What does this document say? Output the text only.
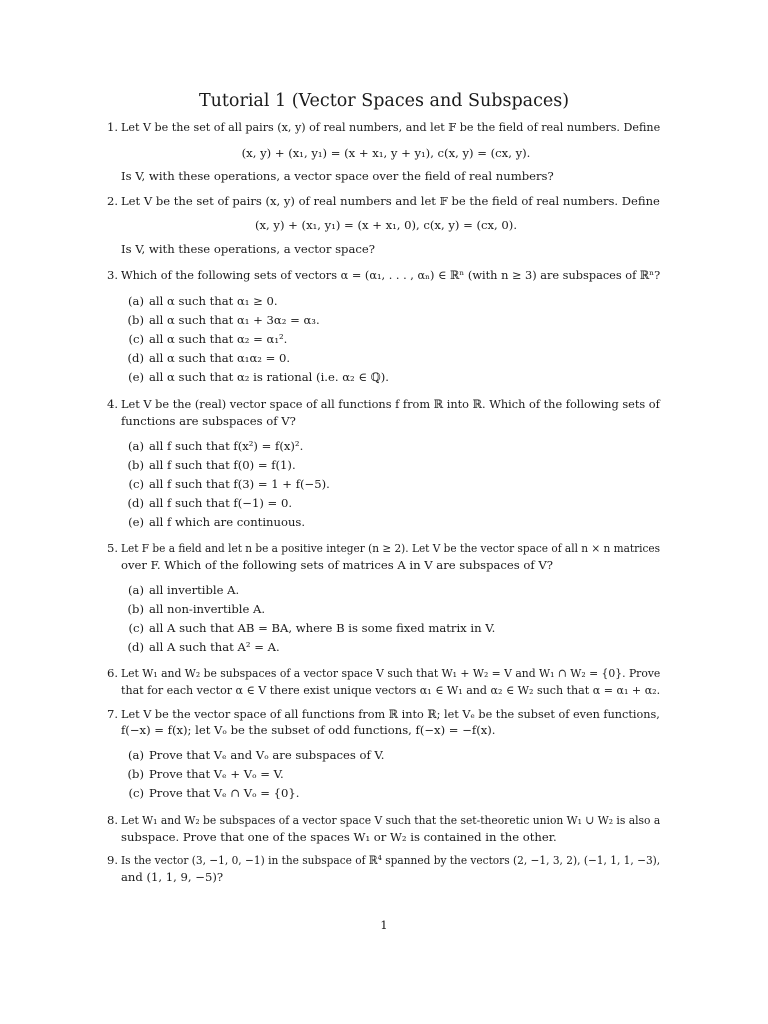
Tutorial 1 (Vector Spaces and Subspaces)
1. Let V be the set of all pairs (x, y) of real numbers, and let 𝔽 be the field of real numbers. Define
(x, y) + (x₁, y₁) = (x + x₁, y + y₁), c(x, y) = (cx, y).
Is V, with these operations, a vector space over the field of real numbers?
2. Let V be the set of pairs (x, y) of real numbers and let 𝔽 be the field of real numbers. Define
(x, y) + (x₁, y₁) = (x + x₁, 0), c(x, y) = (cx, 0).
Is V, with these operations, a vector space?
3. Which of the following sets of vectors α = (α₁, . . . , αₙ) ∈ ℝⁿ (with n ≥ 3) are subspaces of ℝⁿ?
(a) all α such that α₁ ≥ 0.
(b) all α such that α₁ + 3α₂ = α₃.
(c) all α such that α₂ = α₁².
(d) all α such that α₁α₂ = 0.
(e) all α such that α₂ is rational (i.e. α₂ ∈ ℚ).
4. Let V be the (real) vector space of all functions f from ℝ into ℝ. Which of the following sets of
functions are subspaces of V?
(a) all f such that f(x²) = f(x)².
(b) all f such that f(0) = f(1).
(c) all f such that f(3) = 1 + f(−5).
(d) all f such that f(−1) = 0.
(e) all f which are continuous.
5. Let F be a field and let n be a positive integer (n ≥ 2). Let V be the vector space of all n × n matrices
over F. Which of the following sets of matrices A in V are subspaces of V?
(a) all invertible A.
(b) all non-invertible A.
(c) all A such that AB = BA, where B is some fixed matrix in V.
(d) all A such that A² = A.
6. Let W₁ and W₂ be subspaces of a vector space V such that W₁ + W₂ = V and W₁ ∩ W₂ = {0}. Prove
that for each vector α ∈ V there exist unique vectors α₁ ∈ W₁ and α₂ ∈ W₂ such that α = α₁ + α₂.
7. Let V be the vector space of all functions from ℝ into ℝ; let Vₑ be the subset of even functions,
f(−x) = f(x); let Vₒ be the subset of odd functions, f(−x) = −f(x).
(a) Prove that Vₑ and Vₒ are subspaces of V.
(b) Prove that Vₑ + Vₒ = V.
(c) Prove that Vₑ ∩ Vₒ = {0}.
8. Let W₁ and W₂ be subspaces of a vector space V such that the set-theoretic union W₁ ∪ W₂ is also a
subspace. Prove that one of the spaces W₁ or W₂ is contained in the other.
9. Is the vector (3, −1, 0, −1) in the subspace of ℝ⁴ spanned by the vectors (2, −1, 3, 2), (−1, 1, 1, −3),
and (1, 1, 9, −5)?
1
